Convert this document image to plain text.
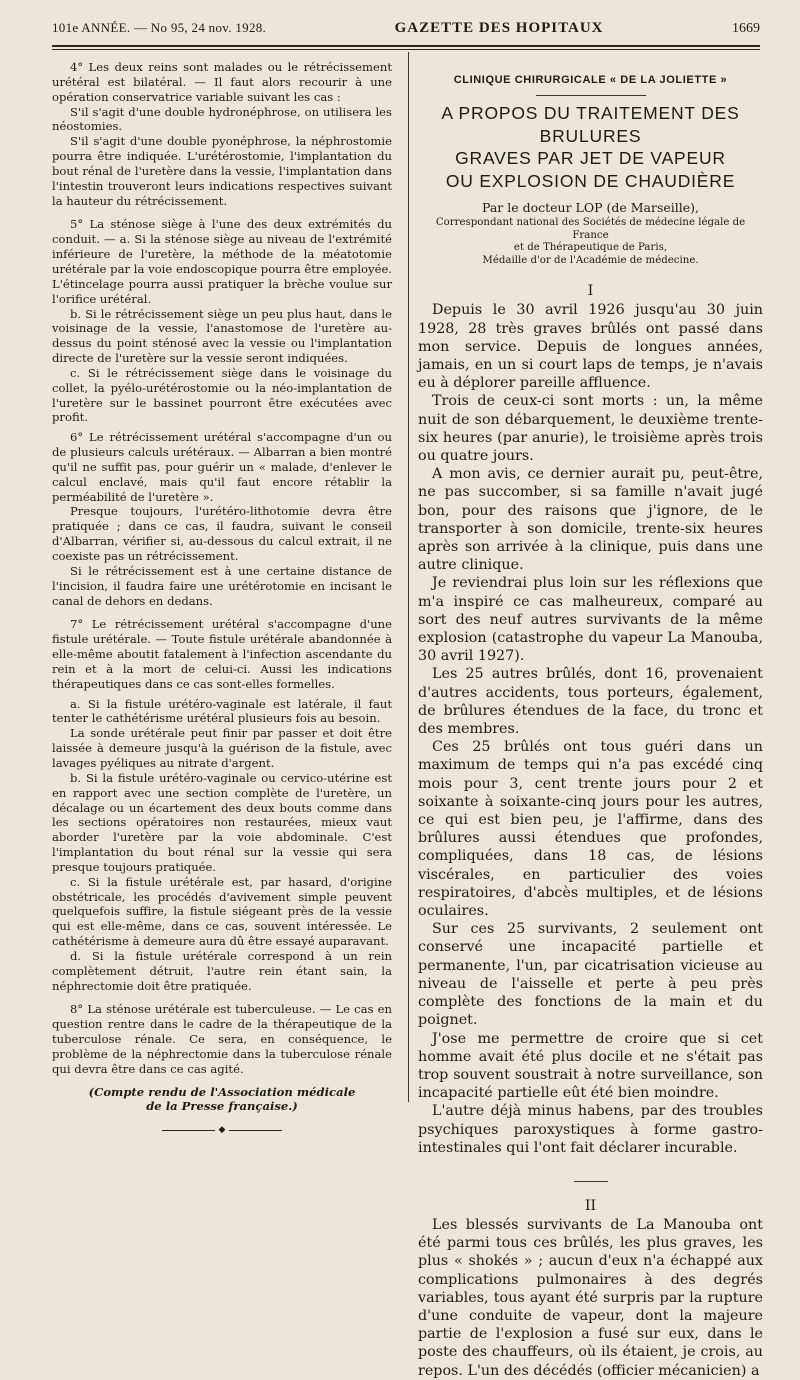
101e ANNÉE. — No 95, 24 nov. 1928.	GAZETTE DES HOPITAUX	1669

4° Les deux reins sont malades ou le rétrécissement urétéral est bilatéral. — Il faut alors recourir à une opération conservatrice variable suivant les cas :

S'il s'agit d'une double hydronéphrose, on utilisera les néostomies.

S'il s'agit d'une double pyonéphrose, la néphrostomie pourra être indiquée. L'urétérostomie, l'implantation du bout rénal de l'uretère dans la vessie, l'implantation dans l'intestin trouveront leurs indications respectives suivant la hauteur du rétrécissement.

5° La sténose siège à l'une des deux extrémités du conduit. — a. Si la sténose siège au niveau de l'extrémité inférieure de l'uretère, la méthode de la méatotomie urétérale par la voie endoscopique pourra être employée. L'étincelage pourra aussi pratiquer la brèche voulue sur l'orifice urétéral.

b. Si le rétrécissement siège un peu plus haut, dans le voisinage de la vessie, l'anastomose de l'uretère au-dessus du point sténosé avec la vessie ou l'implantation directe de l'uretère sur la vessie seront indiquées.

c. Si le rétrécissement siège dans le voisinage du collet, la pyélo-urétérostomie ou la néo-implantation de l'uretère sur le bassinet pourront être exécutées avec profit.

6° Le rétrécissement urétéral s'accompagne d'un ou de plusieurs calculs urétéraux. — Albarran a bien montré qu'il ne suffit pas, pour guérir un « malade, d'enlever le calcul enclavé, mais qu'il faut encore rétablir la perméabilité de l'uretère ».

Presque toujours, l'urétéro-lithotomie devra être pratiquée ; dans ce cas, il faudra, suivant le conseil d'Albarran, vérifier si, au-dessous du calcul extrait, il ne coexiste pas un rétrécissement.

Si le rétrécissement est à une certaine distance de l'incision, il faudra faire une urétérotomie en incisant le canal de dehors en dedans.

7° Le rétrécissement urétéral s'accompagne d'une fistule urétérale. — Toute fistule urétérale abandonnée à elle-même aboutit fatalement à l'infection ascendante du rein et à la mort de celui-ci. Aussi les indications thérapeutiques dans ce cas sont-elles formelles.

a. Si la fistule urétéro-vaginale est latérale, il faut tenter le cathétérisme urétéral plusieurs fois au besoin.

La sonde urétérale peut finir par passer et doit être laissée à demeure jusqu'à la guérison de la fistule, avec lavages pyéliques au nitrate d'argent.

b. Si la fistule urétéro-vaginale ou cervico-utérine est en rapport avec une section complète de l'uretère, un décalage ou un écartement des deux bouts comme dans les sections opératoires non restaurées, mieux vaut aborder l'uretère par la voie abdominale. C'est l'implantation du bout rénal sur la vessie qui sera presque toujours pratiquée.

c. Si la fistule urétérale est, par hasard, d'origine obstétricale, les procédés d'avivement simple peuvent quelquefois suffire, la fistule siégeant près de la vessie qui est elle-même, dans ce cas, souvent intéressée. Le cathétérisme à demeure aura dû être essayé auparavant.

d. Si la fistule urétérale correspond à un rein complètement détruit, l'autre rein étant sain, la néphrectomie doit être pratiquée.

8° La sténose urétérale est tuberculeuse. — Le cas en question rentre dans le cadre de la thérapeutique de la tuberculose rénale. Ce sera, en conséquence, le problème de la néphrectomie dans la tuberculose rénale qui devra être dans ce cas agité.

(Compte rendu de l'Association médicale
de la Presse française.)
◆
CLINIQUE CHIRURGICALE « DE LA JOLIETTE »
A PROPOS DU TRAITEMENT DES BRULURES
GRAVES PAR JET DE VAPEUR
OU EXPLOSION DE CHAUDIÈRE
Par le docteur LOP (de Marseille),
Correspondant national des Sociétés de médecine légale de France
et de Thérapeutique de Paris,
Médaille d'or de l'Académie de médecine.
I

Depuis le 30 avril 1926 jusqu'au 30 juin 1928, 28 très graves brûlés ont passé dans mon service. Depuis de longues années, jamais, en un si court laps de temps, je n'avais eu à déplorer pareille affluence.

Trois de ceux-ci sont morts : un, la même nuit de son débarquement, le deuxième trente-six heures (par anurie), le troisième après trois ou quatre jours.

A mon avis, ce dernier aurait pu, peut-être, ne pas succomber, si sa famille n'avait jugé bon, pour des raisons que j'ignore, de le transporter à son domicile, trente-six heures après son arrivée à la clinique, puis dans une autre clinique.

Je reviendrai plus loin sur les réflexions que m'a inspiré ce cas malheureux, comparé au sort des neuf autres survivants de la même explosion (catastrophe du vapeur La Manouba, 30 avril 1927).

Les 25 autres brûlés, dont 16, provenaient d'autres accidents, tous porteurs, également, de brûlures étendues de la face, du tronc et des membres.

Ces 25 brûlés ont tous guéri dans un maximum de temps qui n'a pas excédé cinq mois pour 3, cent trente jours pour 2 et soixante à soixante-cinq jours pour les autres, ce qui est bien peu, je l'affirme, dans des brûlures aussi étendues que profondes, compliquées, dans 18 cas, de lésions viscérales, en particulier des voies respiratoires, d'abcès multiples, et de lésions oculaires.

Sur ces 25 survivants, 2 seulement ont conservé une incapacité partielle et permanente, l'un, par cicatrisation vicieuse au niveau de l'aisselle et perte à peu près complète des fonctions de la main et du poignet.

J'ose me permettre de croire que si cet homme avait été plus docile et ne s'était pas trop souvent soustrait à notre surveillance, son incapacité partielle eût été bien moindre.

L'autre déjà minus habens, par des troubles psychiques paroxystiques à forme gastro-intestinales qui l'ont fait déclarer incurable.

II

Les blessés survivants de La Manouba ont été parmi tous ces brûlés, les plus graves, les plus « shokés » ; aucun d'eux n'a échappé aux complications pulmonaires à des degrés variables, tous ayant été surpris par la rupture d'une conduite de vapeur, dont la majeure partie de l'explosion a fusé sur eux, dans le poste des chauffeurs, où ils étaient, je crois, au repos. L'un des décédés (officier mécanicien) a
